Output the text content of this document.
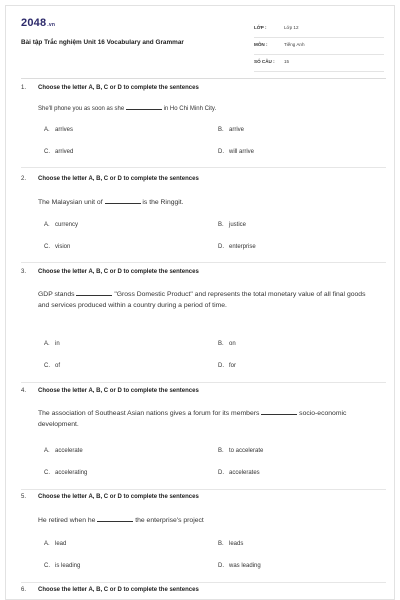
2048.vn
Bài tập Trắc nghiệm Unit 16 Vocabulary and Grammar
LỚP :	Lớp 12
MÔN :	Tiếng Anh
SỐ CÂU : 15
1. Choose the letter A, B, C or D to complete the sentences
She'll phone you as soon as she	in Ho Chi Minh City.
A. arrives	B. arrive
C. arrived	D. will arrive
2. Choose the letter A, B, C or D to complete the sentences
The Malaysian unit of	is the Ringgit.
A. currency	B. justice
C. vision	D. enterprise
3. Choose the letter A, B, C or D to complete the sentences
GDP stands	"Gross Domestic Product" and represents the total monetary value of all final goods and services produced within a country during a period of time.
A. in	B. on
C. of	D. for
4. Choose the letter A, B, C or D to complete the sentences
The association of Southeast Asian nations gives a forum for its members	socio-economic development.
A. accelerate	B. to accelerate
C. accelerating	D. accelerates
5. Choose the letter A, B, C or D to complete the sentences
He retired when he	the enterprise's project
A. lead	B. leads
C. is leading	D. was leading
6. Choose the letter A, B, C or D to complete the sentences
